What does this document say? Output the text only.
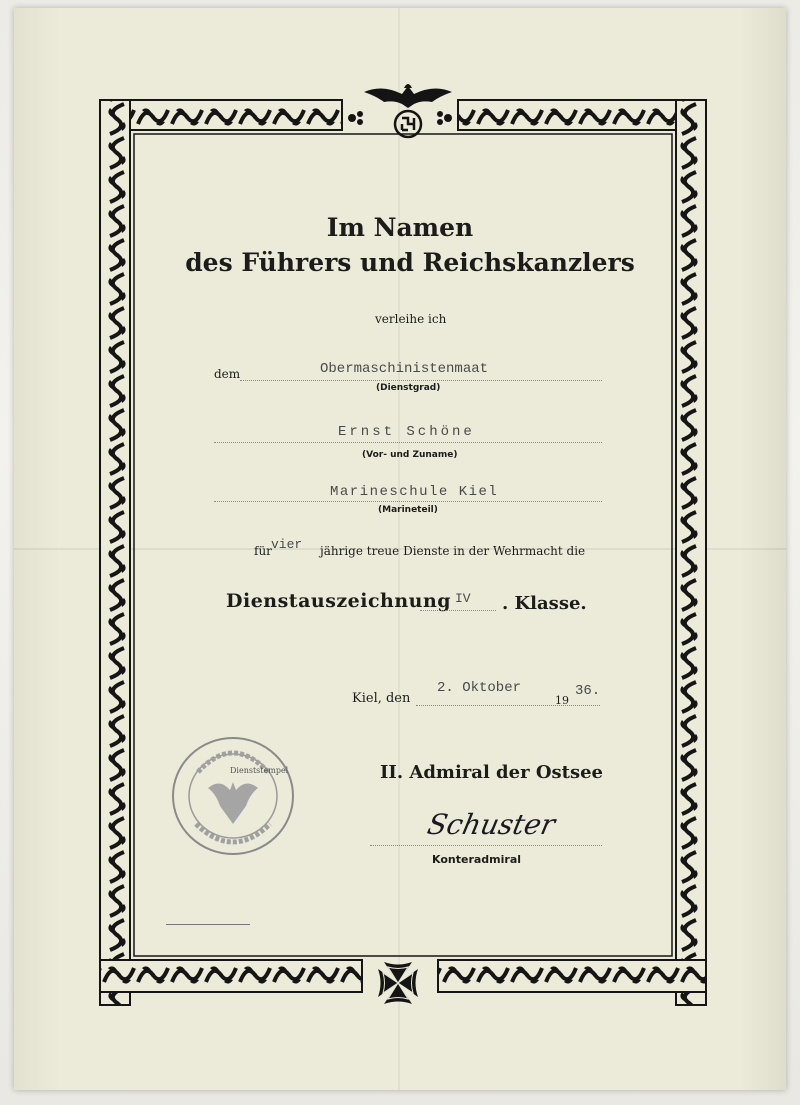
Im Namen
des Führers und Reichskanzlers
verleihe ich
dem	Obermaschinistenmaat
(Dienstgrad)
Ernst Schöne
(Vor- und Zuname)
Marineschule Kiel
(Marineteil)
für vier jährige treue Dienste in der Wehrmacht die
Dienstauszeichnung IV . Klasse.
Kiel, den
2. Oktober
19
36.
Dienststempel	II. Admiral der Ostsee
Schuster
Konteradmiral
